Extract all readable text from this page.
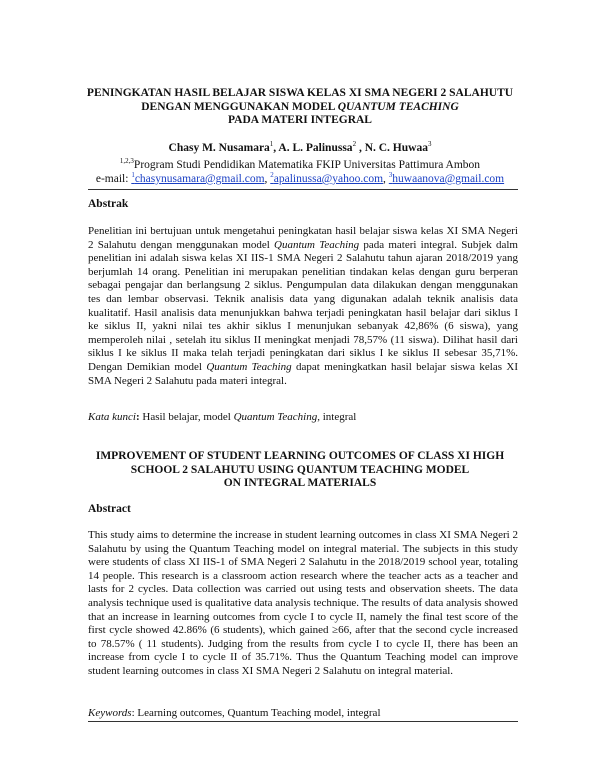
PENINGKATAN HASIL BELAJAR SISWA KELAS XI SMA NEGERI 2 SALAHUTU
DENGAN MENGGUNAKAN MODEL QUANTUM TEACHING
PADA MATERI INTEGRAL
Chasy M. Nusamara$^1$, A. L. Palinussa$^2$ , N. C. Huwaa$^3$
$^{1,2,3}$Program Studi Pendidikan Matematika FKIP Universitas Pattimura Ambon
e-mail: $^1$chasynusamara@gmail.com, $^2$apalinussa@yahoo.com, $^3$huwaanova@gmail.com
Abstrak
Penelitian ini bertujuan untuk mengetahui peningkatan hasil belajar siswa kelas XI SMA Negeri 2 Salahutu dengan menggunakan model Quantum Teaching pada materi integral. Subjek dalm penelitian ini adalah siswa kelas XI IIS-1 SMA Negeri 2 Salahutu tahun ajaran 2018/2019 yang berjumlah 14 orang. Penelitian ini merupakan penelitian tindakan kelas dengan guru berperan sebagai pengajar dan berlangsung 2 siklus. Pengumpulan data dilakukan dengan menggunakan tes dan lembar observasi. Teknik analisis data yang digunakan adalah teknik analisis data kualitatif. Hasil analisis data menunjukkan bahwa terjadi peningkatan hasil belajar dari siklus I ke siklus II, yakni nilai tes akhir siklus I menunjukan sebanyak 42,86% (6 siswa), yang memperoleh nilai , setelah itu siklus II meningkat menjadi 78,57% (11 siswa). Dilihat hasil dari siklus I ke siklus II maka telah terjadi peningkatan dari siklus I ke siklus II sebesar 35,71%. Dengan Demikian model Quantum Teaching dapat meningkatkan hasil belajar siswa kelas XI SMA Negeri 2 Salahutu pada materi integral.
Kata kunci: Hasil belajar, model Quantum Teaching, integral
IMPROVEMENT OF STUDENT LEARNING OUTCOMES OF CLASS XI HIGH
SCHOOL 2 SALAHUTU USING QUANTUM TEACHING MODEL
ON INTEGRAL MATERIALS
Abstract
This study aims to determine the increase in student learning outcomes in class XI SMA Negeri 2 Salahutu by using the Quantum Teaching model on integral material. The subjects in this study were students of class XI IIS-1 of SMA Negeri 2 Salahutu in the 2018/2019 school year, totaling 14 people. This research is a classroom action research where the teacher acts as a teacher and lasts for 2 cycles. Data collection was carried out using tests and observation sheets. The data analysis technique used is qualitative data analysis technique. The results of data analysis showed that an increase in learning outcomes from cycle I to cycle II, namely the final test score of the first cycle showed 42.86% (6 students), which gained ≥66, after that the second cycle increased to 78.57% ( 11 students). Judging from the results from cycle I to cycle II, there has been an increase from cycle I to cycle II of 35.71%. Thus the Quantum Teaching model can improve student learning outcomes in class XI SMA Negeri 2 Salahutu on integral material.
Keywords: Learning outcomes, Quantum Teaching model, integral
